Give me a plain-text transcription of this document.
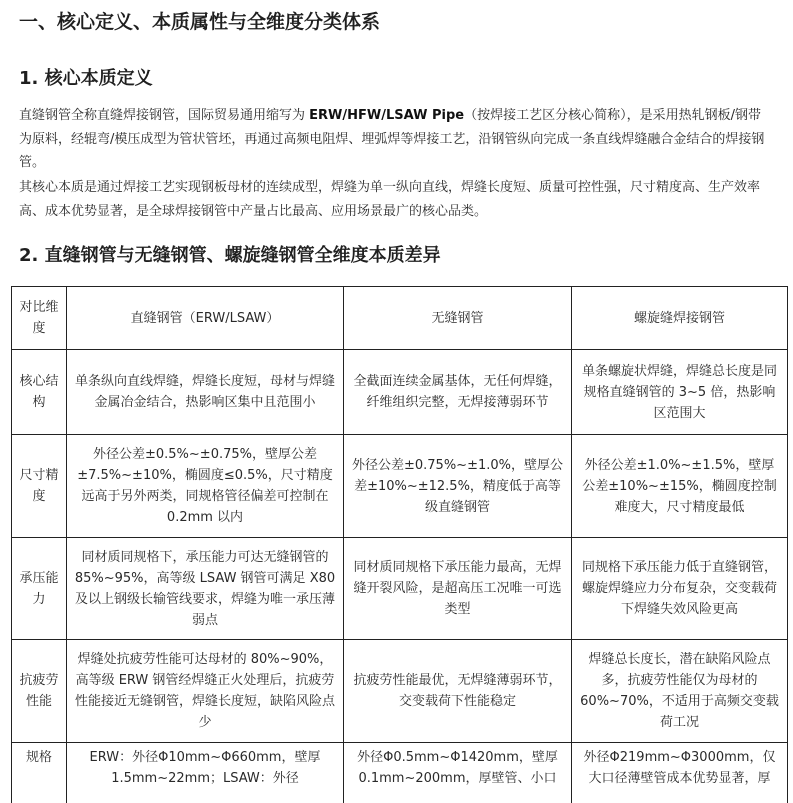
一、核心定义、本质属性与全维度分类体系
1. 核心本质定义

直缝钢管全称直缝焊接钢管，国际贸易通用缩写为 ERW/HFW/LSAW Pipe（按焊接工艺区分核心简称），是采用热轧钢板/钢带为原料，经辊弯/模压成型为管状管坯，再通过高频电阻焊、埋弧焊等焊接工艺，沿钢管纵向完成一条直线焊缝融合金结合的焊接钢管。

其核心本质是通过焊接工艺实现钢板母材的连续成型，焊缝为单一纵向直线，焊缝长度短、质量可控性强，尺寸精度高、生产效率高、成本优势显著，是全球焊接钢管中产量占比最高、应用场景最广的核心品类。

2. 直缝钢管与无缝钢管、螺旋缝钢管全维度本质差异
对比维度	直缝钢管（ERW/LSAW）	无缝钢管	螺旋缝焊接钢管
核心结构	单条纵向直线焊缝，焊缝长度短，母材与焊缝金属冶金结合，热影响区集中且范围小	全截面连续金属基体，无任何焊缝，纤维组织完整，无焊接薄弱环节	单条螺旋状焊缝，焊缝总长度是同规格直缝钢管的 3~5 倍，热影响区范围大
尺寸精度	外径公差±0.5%~±0.75%，壁厚公差±7.5%~±10%，椭圆度≤0.5%，尺寸精度远高于另外两类，同规格管径偏差可控制在 0.2mm 以内	外径公差±0.75%~±1.0%，壁厚公差±10%~±12.5%，精度低于高等级直缝钢管	外径公差±1.0%~±1.5%，壁厚公差±10%~±15%，椭圆度控制难度大，尺寸精度最低
承压能力	同材质同规格下，承压能力可达无缝钢管的 85%~95%，高等级 LSAW 钢管可满足 X80 及以上钢级长输管线要求，焊缝为唯一承压薄弱点	同材质同规格下承压能力最高，无焊缝开裂风险，是超高压工况唯一可选类型	同规格下承压能力低于直缝钢管，螺旋焊缝应力分布复杂，交变载荷下焊缝失效风险更高
抗疲劳性能	焊缝处抗疲劳性能可达母材的 80%~90%，高等级 ERW 钢管经焊缝正火处理后，抗疲劳性能接近无缝钢管，焊缝长度短，缺陷风险点少	抗疲劳性能最优，无焊缝薄弱环节，交变载荷下性能稳定	焊缝总长度长，潜在缺陷风险点多，抗疲劳性能仅为母材的 60%~70%，不适用于高频交变载荷工况
规格	ERW：外径Φ10mm~Φ660mm，壁厚 1.5mm~22mm；LSAW：外径	外径Φ0.5mm~Φ1420mm，壁厚 0.1mm~200mm，厚壁管、小口	外径Φ219mm~Φ3000mm，仅大口径薄壁管成本优势显著，厚
